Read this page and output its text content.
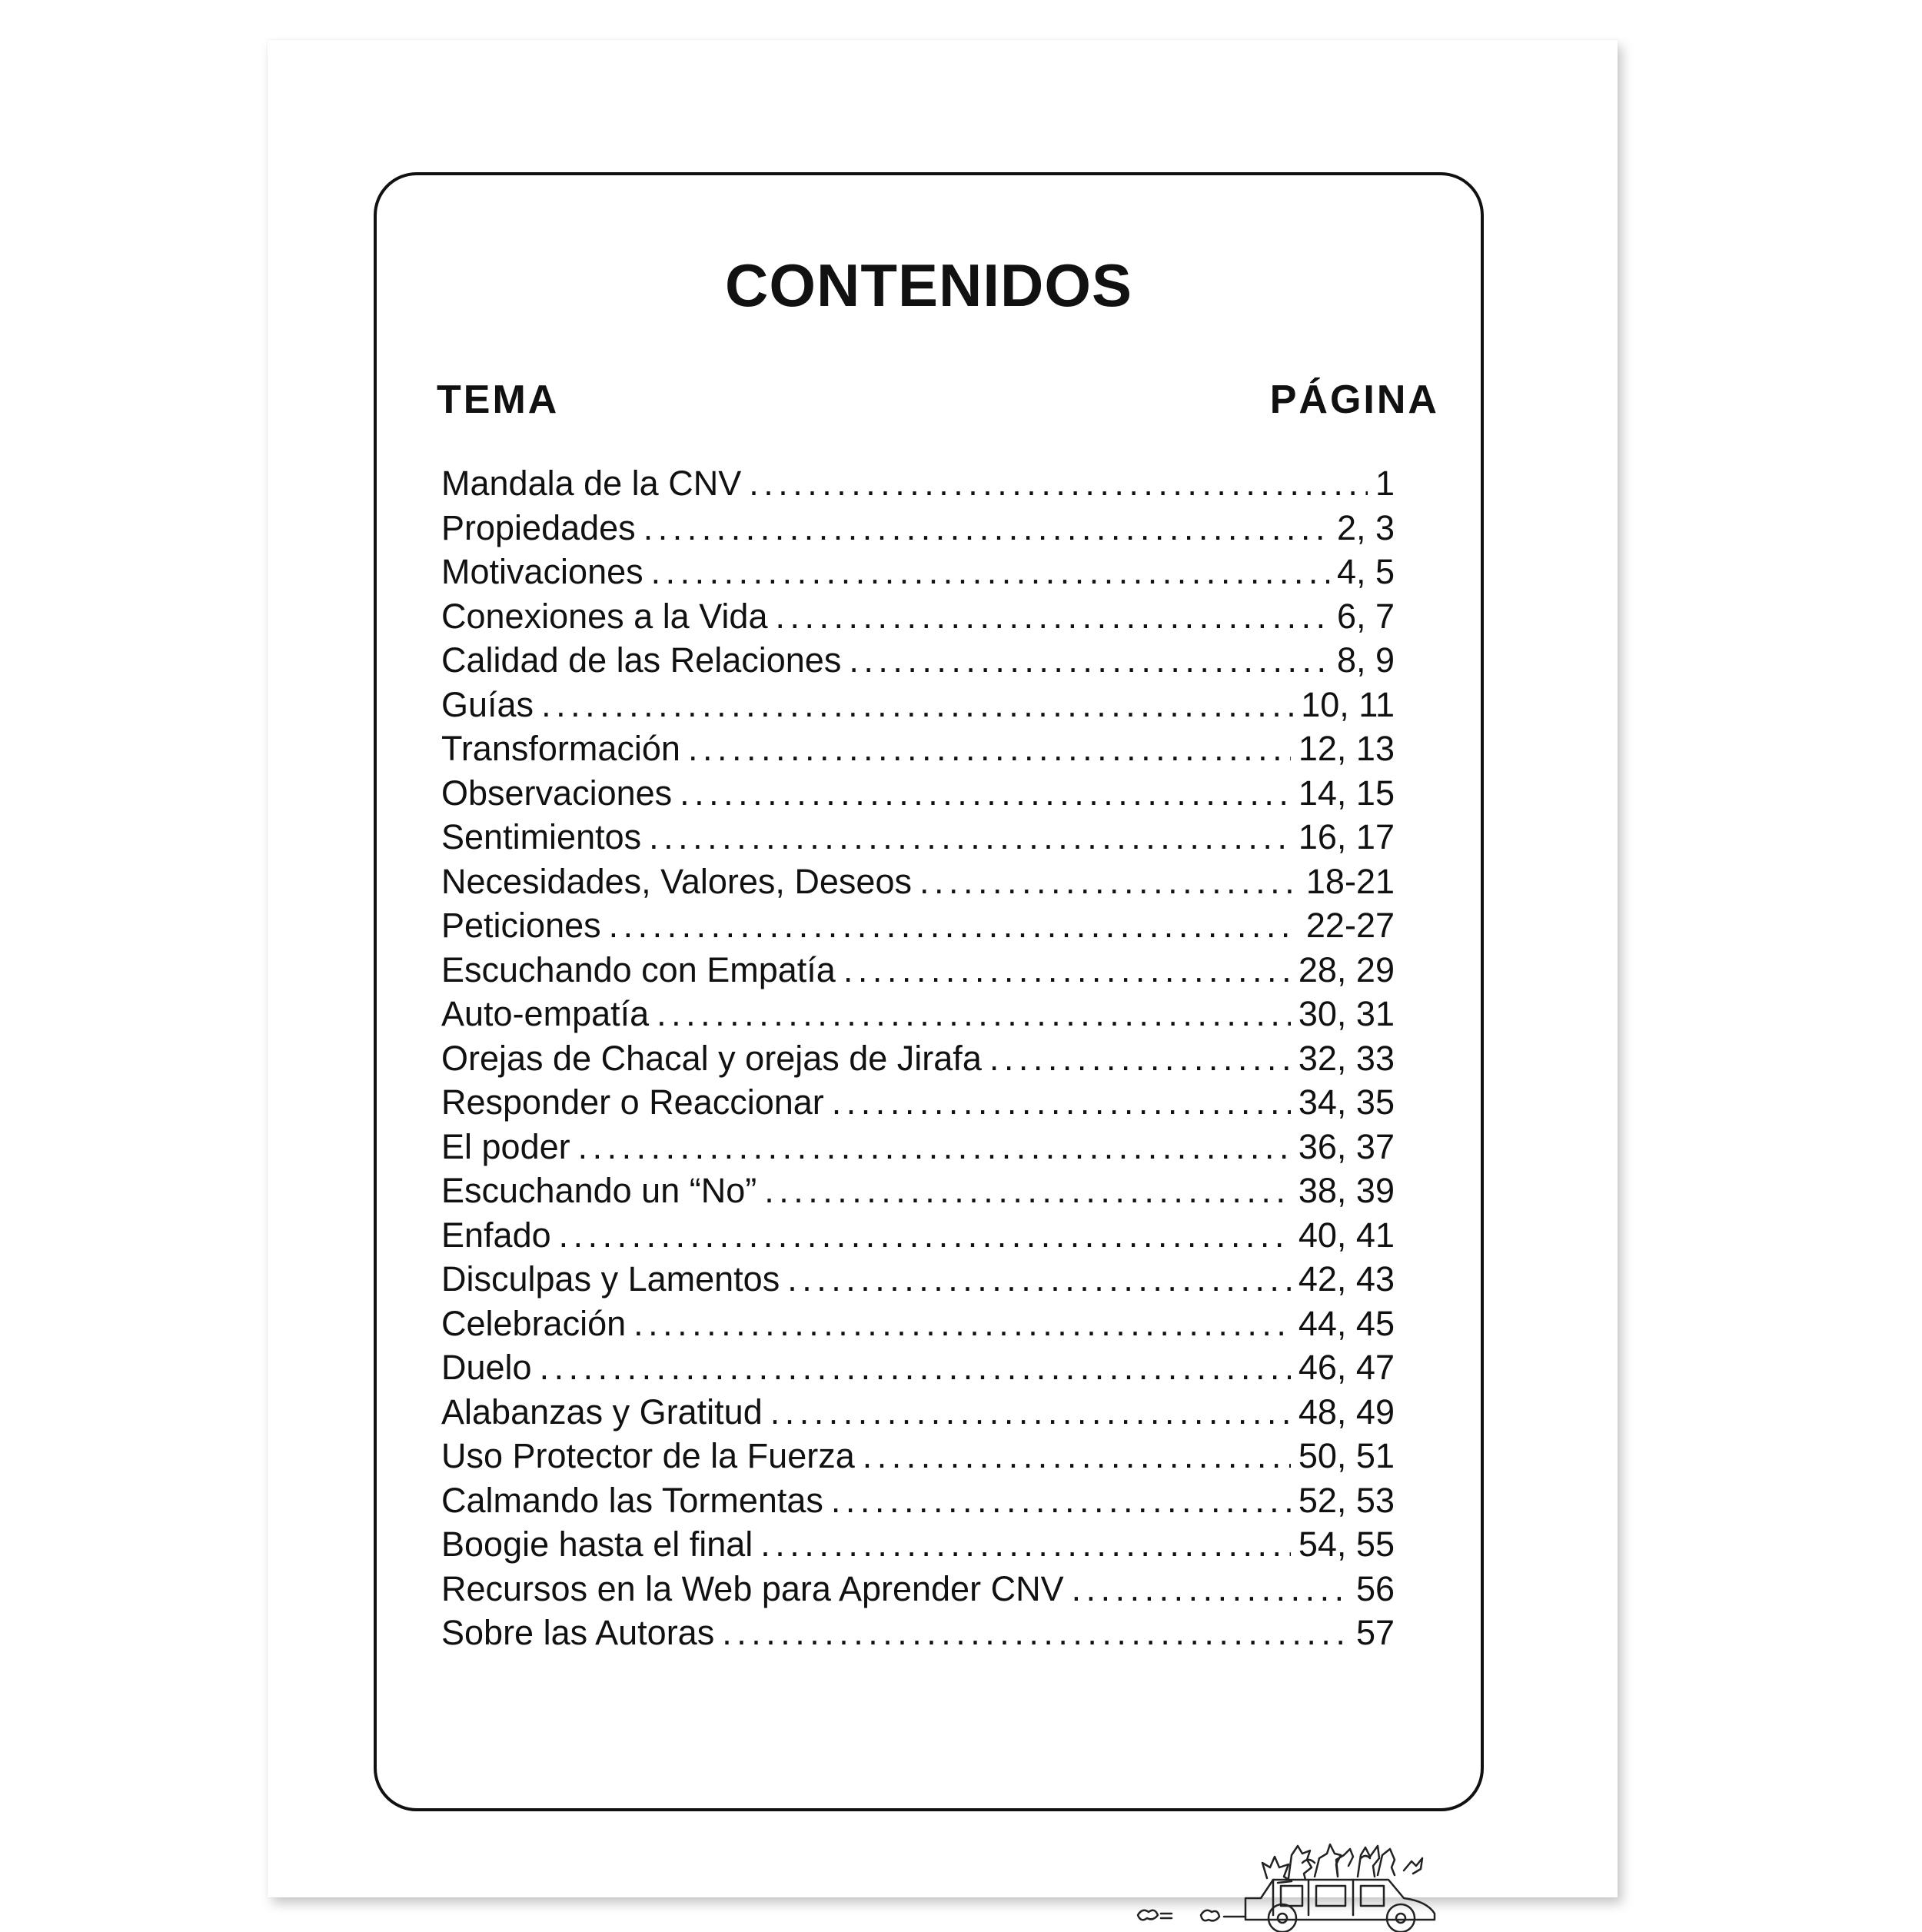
CONTENIDOS
TEMA	PÁGINA
Mandala de la CNV . . .	1
Propiedades . . .	2, 3
Motivaciones . . .	4, 5
Conexiones a la Vida . . .	6, 7
Calidad de las Relaciones . . .	8, 9
Guías . . .	10, 11
Transformación . . .	12, 13
Observaciones . . .	14, 15
Sentimientos . . .	16, 17
Necesidades, Valores, Deseos . . .	18-21
Peticiones . . .	22-27
Escuchando con Empatía . . .	28, 29
Auto-empatía . . .	30, 31
Orejas de Chacal y orejas de Jirafa . . .	32, 33
Responder o Reaccionar . . .	34, 35
El poder . . .	36, 37
Escuchando un “No” . . .	38, 39
Enfado . . .	40, 41
Disculpas y Lamentos . . .	42, 43
Celebración . . .	44, 45
Duelo . . .	46, 47
Alabanzas y Gratitud . . .	48, 49
Uso Protector de la Fuerza . . .	50, 51
Calmando las Tormentas . . .	52, 53
Boogie hasta el final . . .	54, 55
Recursos en la Web para Aprender CNV . . .	56
Sobre las Autoras . . .	57
